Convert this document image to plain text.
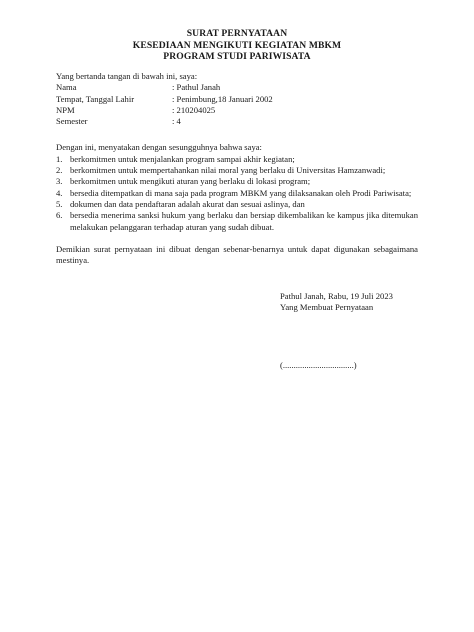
SURAT PERNYATAAN
KESEDIAAN MENGIKUTI KEGIATAN MBKM
PROGRAM STUDI PARIWISATA

Yang bertanda tangan di bawah ini, saya:

Nama	: Pathul Janah
Tempat, Tanggal Lahir	: Penimbung,18 Januari 2002
NPM	: 210204025
Semester	: 4

Dengan ini, menyatakan dengan sesungguhnya bahwa saya:

1. berkomitmen untuk menjalankan program sampai akhir kegiatan;
2. berkomitmen untuk mempertahankan nilai moral yang berlaku di Universitas Hamzanwadi;
3. berkomitmen untuk mengikuti aturan yang berlaku di lokasi program;
4. bersedia ditempatkan di mana saja pada program MBKM yang dilaksanakan oleh Prodi Pariwisata;
5. dokumen dan data pendaftaran adalah akurat dan sesuai aslinya, dan
6. bersedia menerima sanksi hukum yang berlaku dan bersiap dikembalikan ke kampus jika ditemukan melakukan pelanggaran terhadap aturan yang sudah dibuat.

Demikian surat pernyataan ini dibuat dengan sebenar-benarnya untuk dapat digunakan sebagaimana mestinya.

Pathul Janah, Rabu, 19 Juli 2023
Yang Membuat Pernyataan
(.................................)
